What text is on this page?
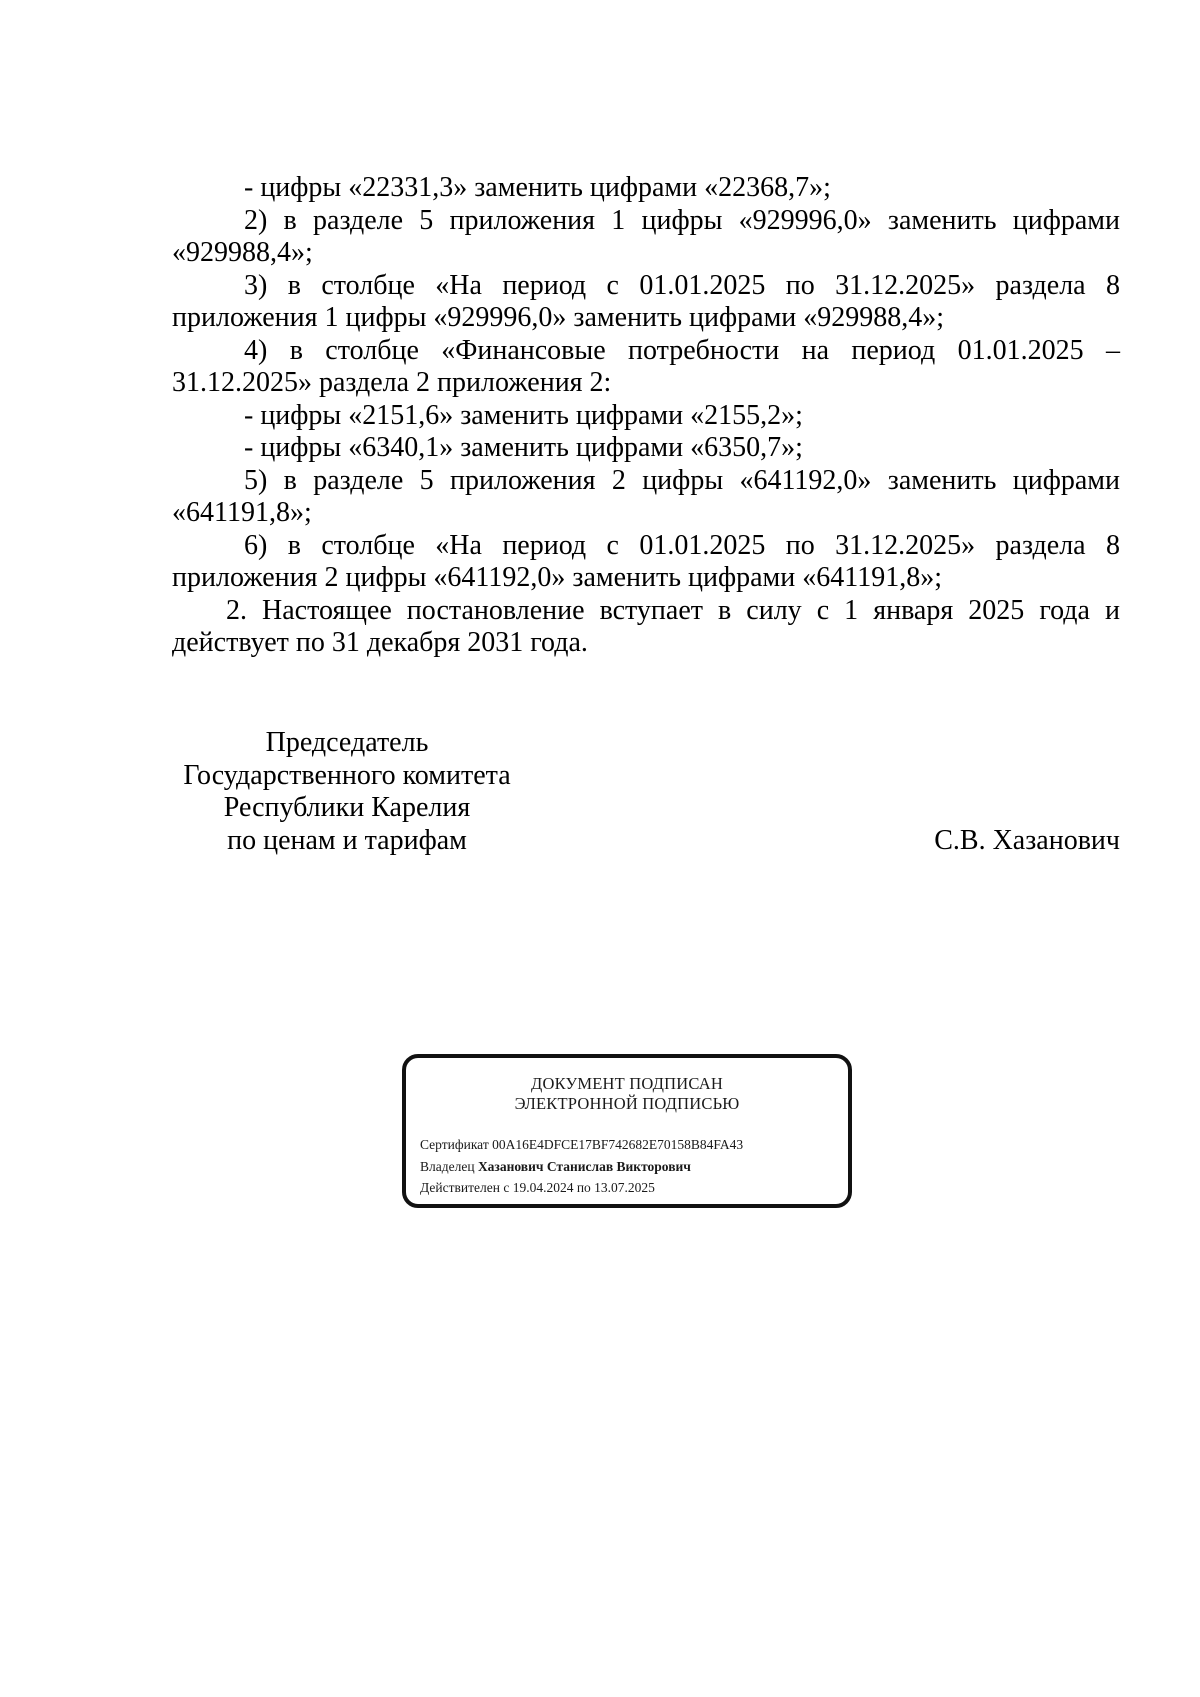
- цифры «22331,3» заменить цифрами «22368,7»;

2) в разделе 5 приложения 1 цифры «929996,0» заменить цифрами «929988,4»;

3) в столбце «На период с 01.01.2025 по 31.12.2025» раздела 8 приложения 1 цифры «929996,0» заменить цифрами «929988,4»;

4) в столбце «Финансовые потребности на период 01.01.2025 – 31.12.2025» раздела 2 приложения 2:

- цифры «2151,6» заменить цифрами «2155,2»;

- цифры «6340,1» заменить цифрами «6350,7»;

5) в разделе 5 приложения 2 цифры «641192,0» заменить цифрами «641191,8»;

6) в столбце «На период с 01.01.2025 по 31.12.2025» раздела 8 приложения 2 цифры «641192,0» заменить цифрами «641191,8»;

2. Настоящее постановление вступает в силу с 1 января 2025 года и действует по 31 декабря 2031 года.

Председатель
Государственного комитета
Республики Карелия
по ценам и тарифам	С.В. Хазанович
ДОКУМЕНТ ПОДПИСАН
ЭЛЕКТРОННОЙ ПОДПИСЬЮ
Сертификат 00A16E4DFCE17BF742682E70158B84FA43
Владелец Хазанович Станислав Викторович
Действителен с 19.04.2024 по 13.07.2025
